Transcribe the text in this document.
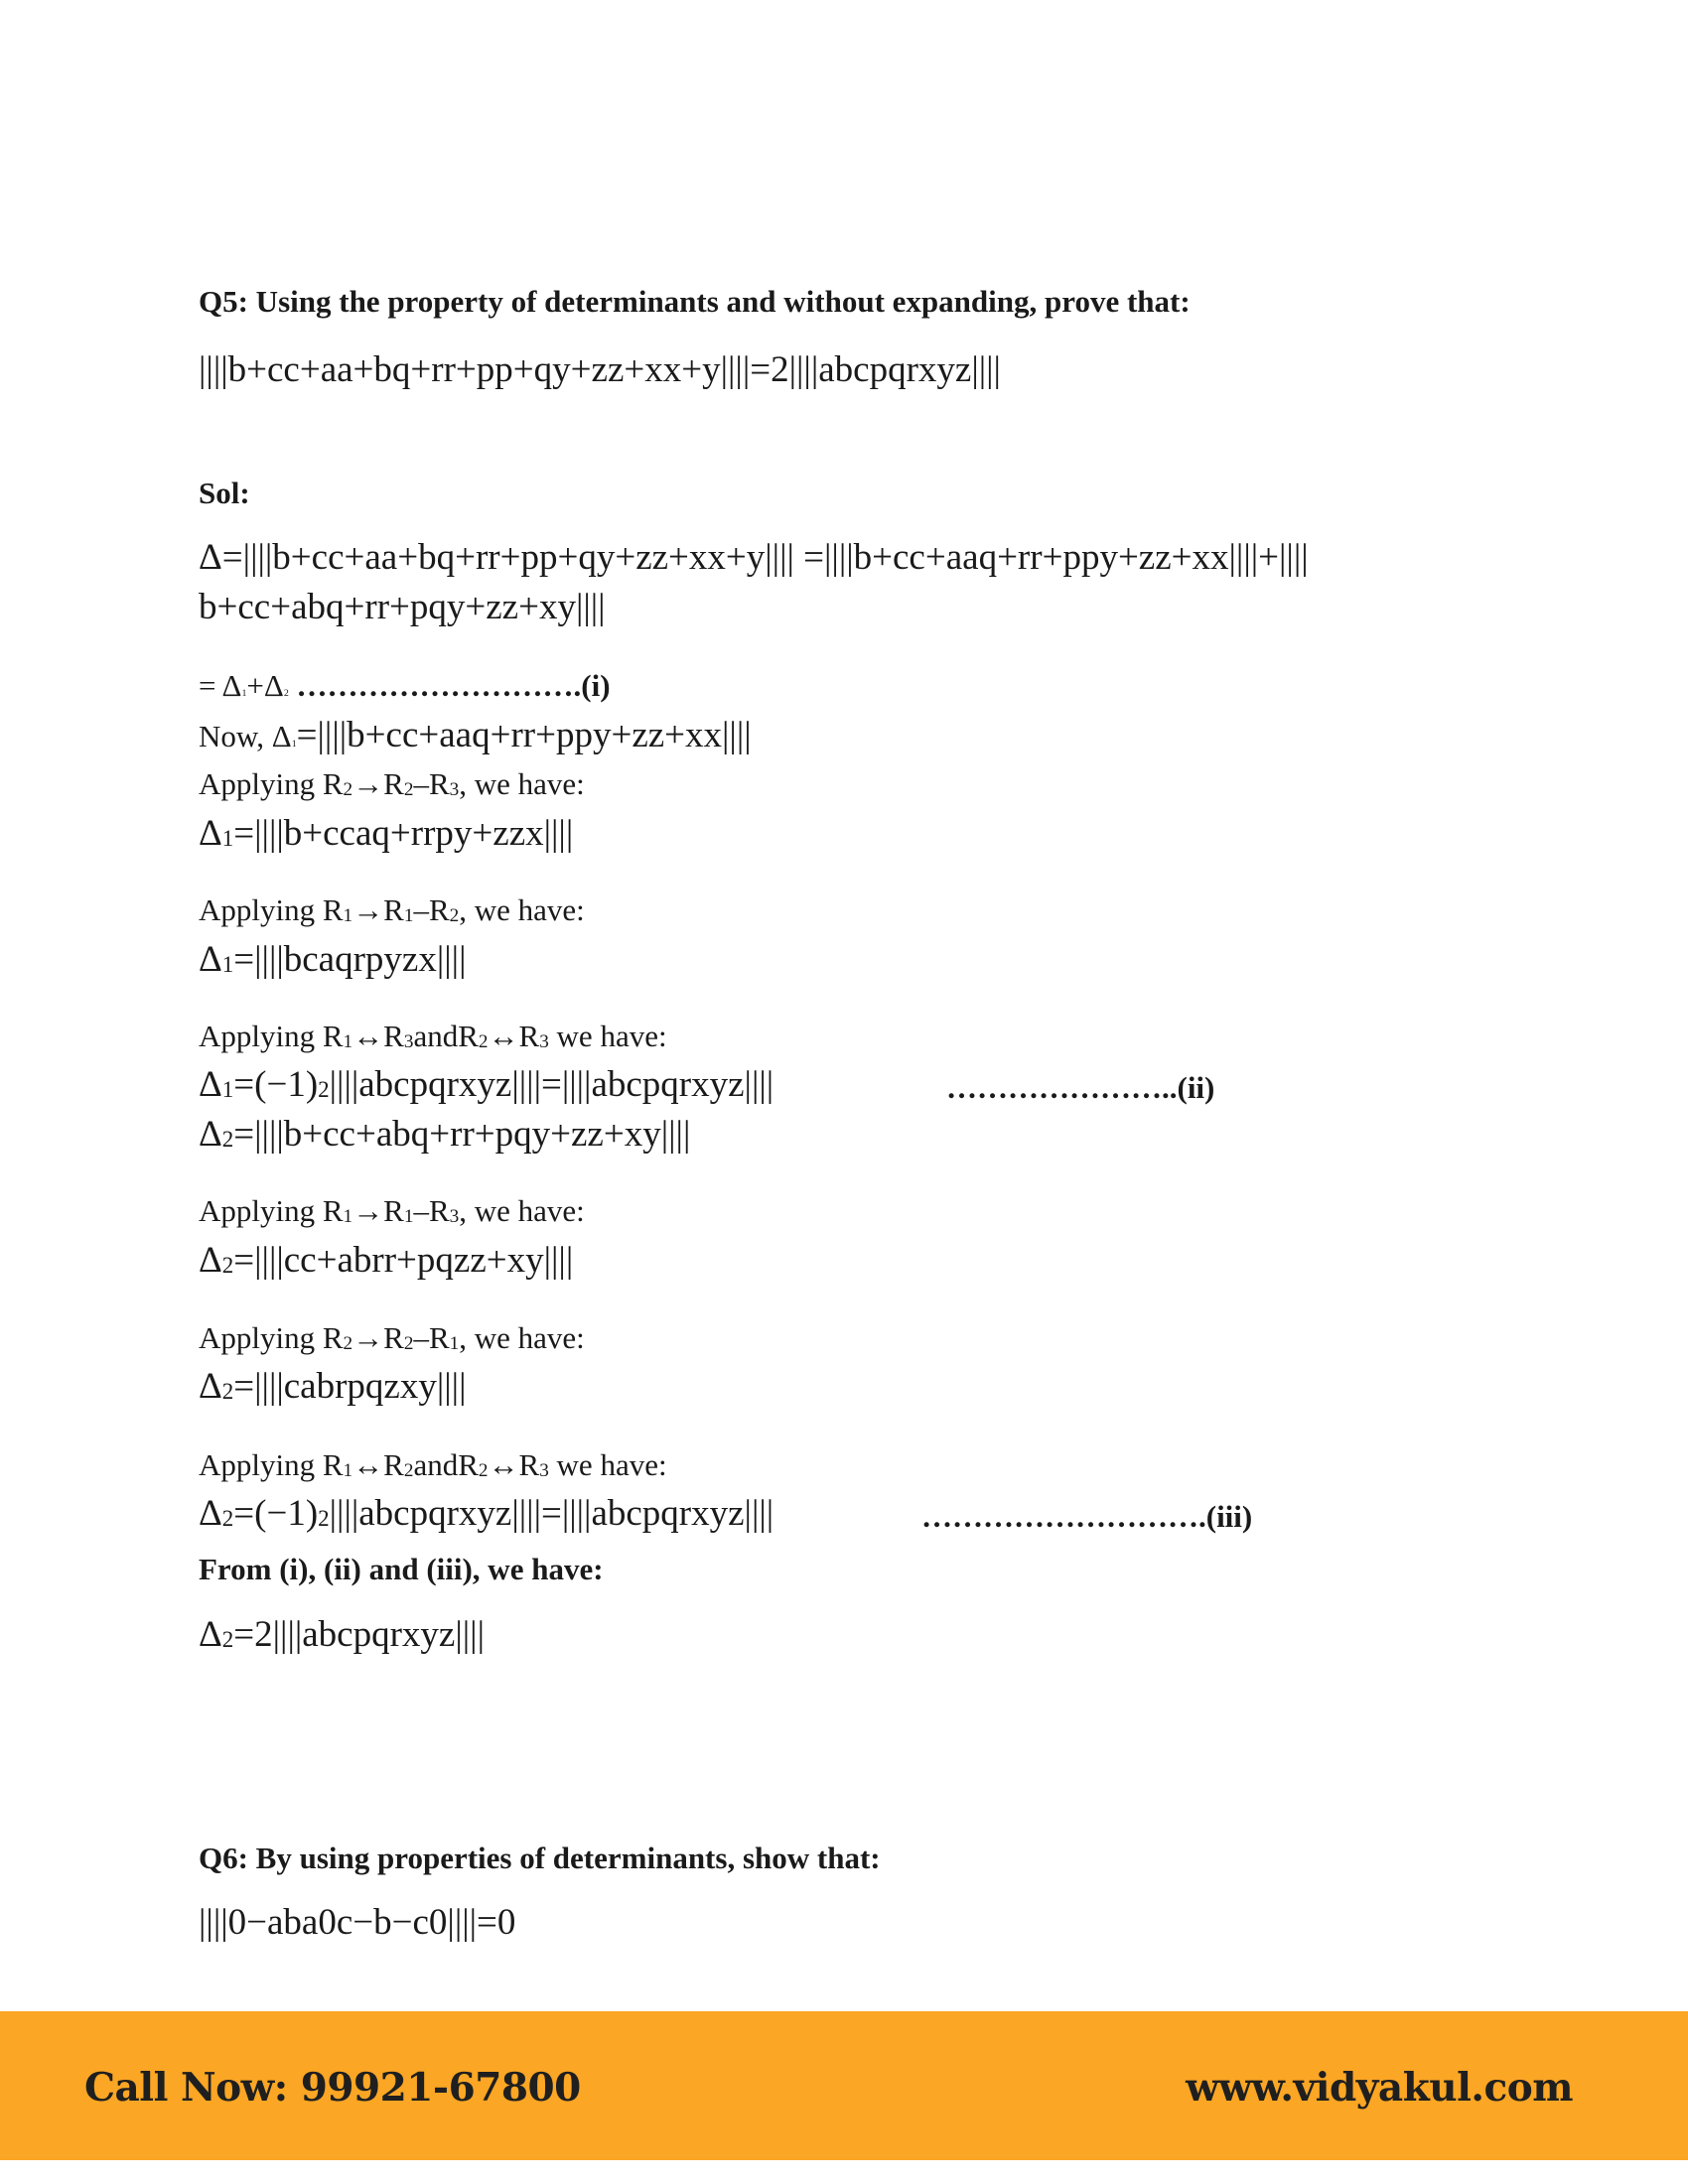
Q5: Using the property of determinants and without expanding, prove that:
||||b+cc+aa+bq+rr+pp+qy+zz+xx+y||||=2||||abcpqrxyz||||
Sol:
Δ=||||b+cc+aa+bq+rr+pp+qy+zz+xx+y|||| =||||b+cc+aaq+rr+ppy+zz+xx||||+||||
b+cc+abq+rr+pqy+zz+xy||||
= $\Delta_1+\Delta_2$ ……………………….(i)
Now, $\Delta_1=||||b+cc+aaq+rr+ppy+zz+xx||||$
Applying $R_2\to R_2-R_3$, we have:
$\Delta_1=||||b+ccaq+rrpy+zzx||||$
Applying $R_1\to R_1-R_2$, we have:
$\Delta_1=||||bcaqrpyzx||||$
Applying $R_1\leftrightarrow R_3andR_2\leftrightarrow R_3$ we have:
$\Delta_1=(-1)_2||||abcpqrxyz||||=||||abcpqrxyz||||$	…………………..(ii)
$\Delta_2=||||b+cc+abq+rr+pqy+zz+xy||||$
Applying $R_1\to R_1-R_3$, we have:
$\Delta_2=||||cc+abrr+pqzz+xy||||$
Applying $R_2\to R_2-R_1$, we have:
$\Delta_2=||||cabrpqzxy||||$
Applying $R_1\leftrightarrow R_2andR_2\leftrightarrow R_3$ we have:
$\Delta_2=(-1)_2||||abcpqrxyz||||=||||abcpqrxyz||||$	……………………….(iii)
From (i), (ii) and (iii), we have:
$\Delta_2=2||||abcpqrxyz||||$
Q6: By using properties of determinants, show that:
||||0−aba0c−b−c0||||=0
Call Now: 99921-67800	www.vidyakul.com
